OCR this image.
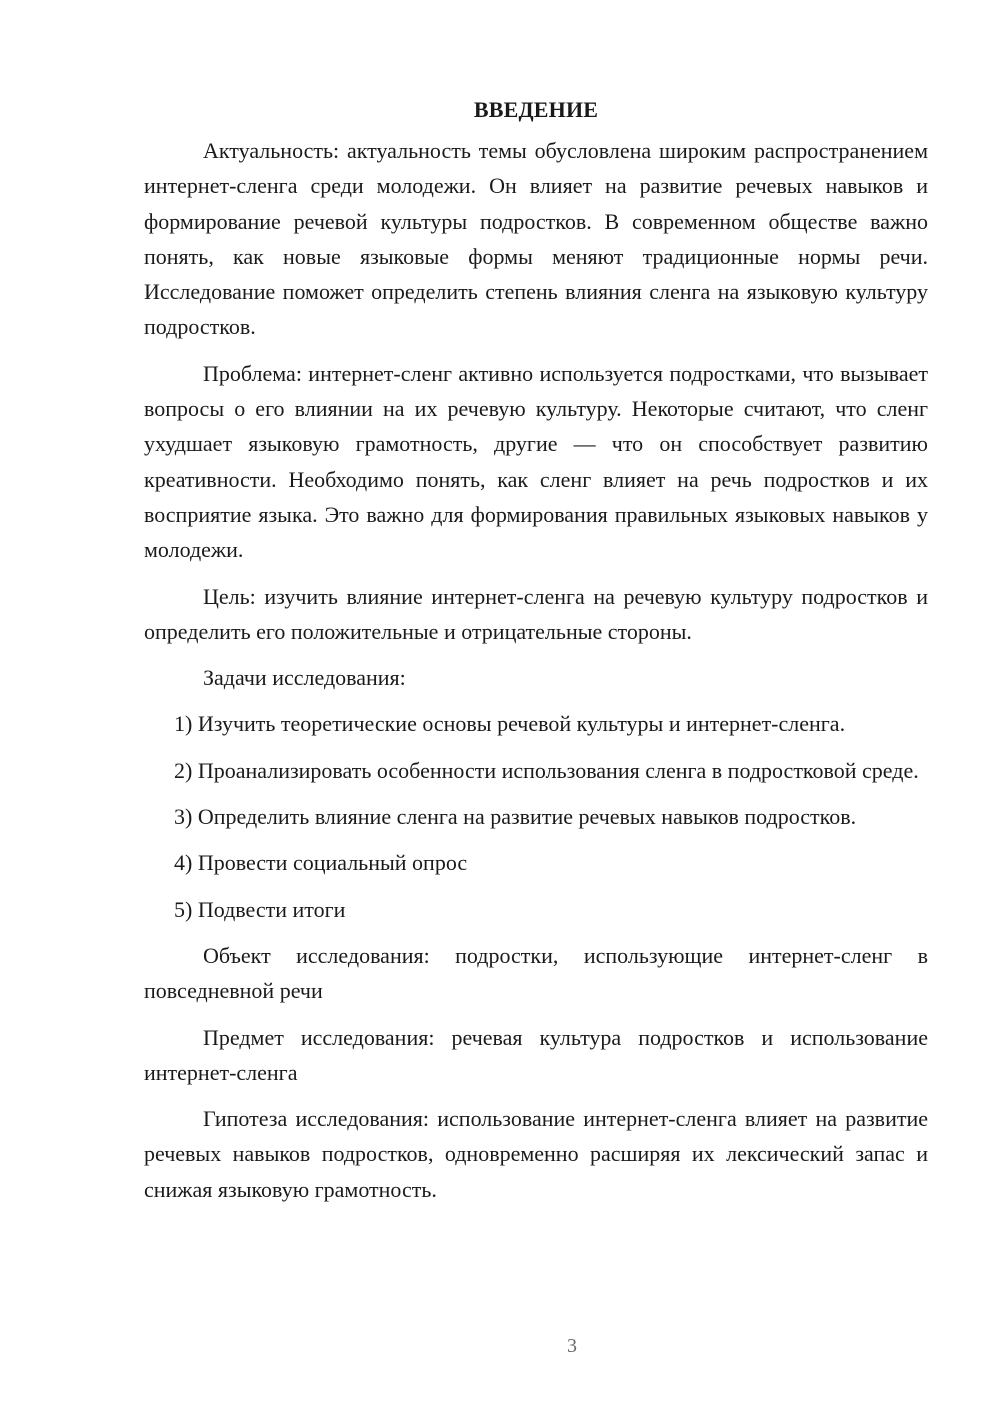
ВВЕДЕНИЕ

Актуальность: актуальность темы обусловлена широким распространением интернет-сленга среди молодежи. Он влияет на развитие речевых навыков и формирование речевой культуры подростков. В современном обществе важно понять, как новые языковые формы меняют традиционные нормы речи. Исследование поможет определить степень влияния сленга на языковую культуру подростков.

Проблема: интернет-сленг активно используется подростками, что вызывает вопросы о его влиянии на их речевую культуру. Некоторые считают, что сленг ухудшает языковую грамотность, другие — что он способствует развитию креативности. Необходимо понять, как сленг влияет на речь подростков и их восприятие языка. Это важно для формирования правильных языковых навыков у молодежи.

Цель: изучить влияние интернет-сленга на речевую культуру подростков и определить его положительные и отрицательные стороны.

Задачи исследования:

1) Изучить теоретические основы речевой культуры и интернет-сленга.

2) Проанализировать особенности использования сленга в подростковой среде.

3) Определить влияние сленга на развитие речевых навыков подростков.

4) Провести социальный опрос

5) Подвести итоги

Объект исследования: подростки, использующие интернет-сленг в повседневной речи

Предмет исследования: речевая культура подростков и использование интернет-сленга

Гипотеза исследования: использование интернет-сленга влияет на развитие речевых навыков подростков, одновременно расширяя их лексический запас и снижая языковую грамотность.

3
